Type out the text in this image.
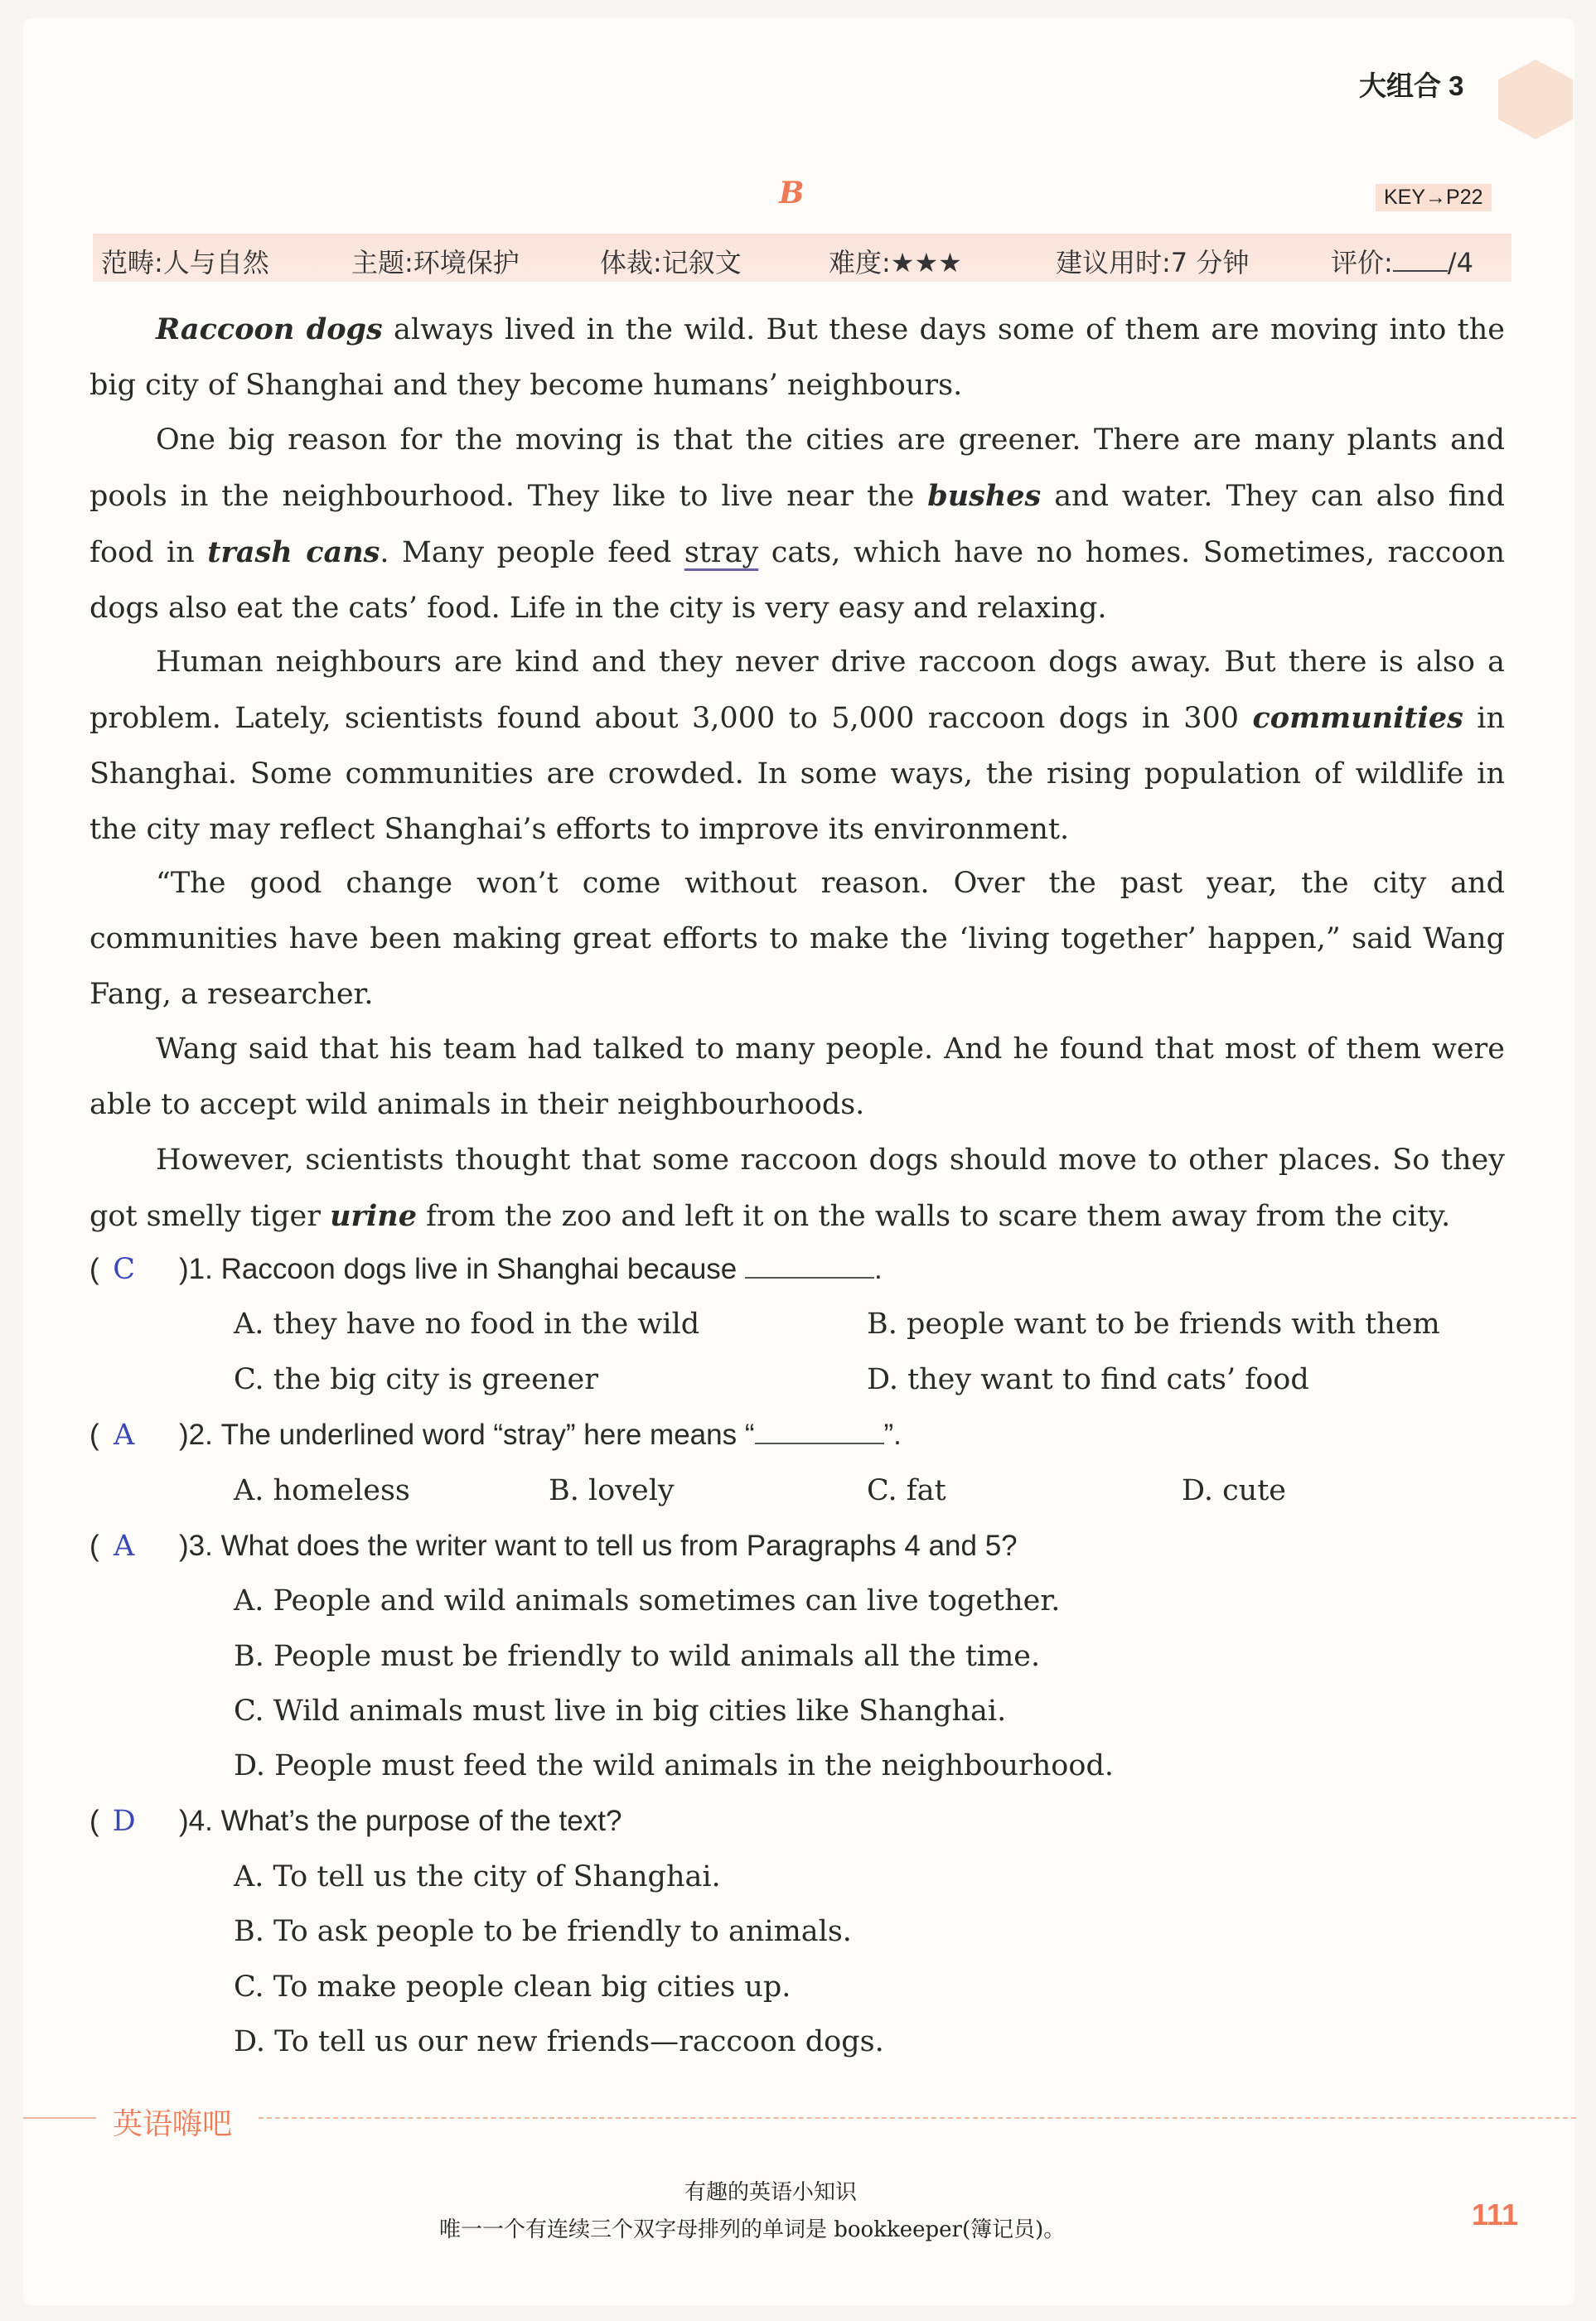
大组合 3
B	KEY→P22
范畴:人与自然	主题:环境保护	体裁:记叙文	难度:★★★	建议用时:7 分钟	评价: /4
Raccoon dogs always lived in the wild. But these days some of them are moving into the big city of Shanghai and they become humans’ neighbours.
One big reason for the moving is that the cities are greener. There are many plants and pools in the neighbourhood. They like to live near the bushes and water. They can also find food in trash cans. Many people feed stray cats, which have no homes. Sometimes, raccoon dogs also eat the cats’ food. Life in the city is very easy and relaxing.
Human neighbours are kind and they never drive raccoon dogs away. But there is also a problem. Lately, scientists found about 3,000 to 5,000 raccoon dogs in 300 communities in Shanghai. Some communities are crowded. In some ways, the rising population of wildlife in the city may reflect Shanghai’s efforts to improve its environment.
“The good change won’t come without reason. Over the past year, the city and communities have been making great efforts to make the ‘living together’ happen,” said Wang Fang, a researcher.
Wang said that his team had talked to many people. And he found that most of them were able to accept wild animals in their neighbourhoods.
However, scientists thought that some raccoon dogs should move to other places. So they got smelly tiger urine from the zoo and left it on the walls to scare them away from the city.
( C )1. Raccoon dogs live in Shanghai because	.
A. they have no food in the wild	B. people want to be friends with them
C. the big city is greener	D. they want to find cats’ food
( A )2. The underlined word “stray” here means “	”.
A. homeless	B. lovely	C. fat	D. cute
( A )3. What does the writer want to tell us from Paragraphs 4 and 5?
A. People and wild animals sometimes can live together.
B. People must be friendly to wild animals all the time.
C. Wild animals must live in big cities like Shanghai.
D. People must feed the wild animals in the neighbourhood.
( D )4. What’s the purpose of the text?
A. To tell us the city of Shanghai.
B. To ask people to be friendly to animals.
C. To make people clean big cities up.
D. To tell us our new friends—raccoon dogs.
英语嗨吧
有趣的英语小知识
唯一一个有连续三个双字母排列的单词是 bookkeeper(簿记员)。	111
